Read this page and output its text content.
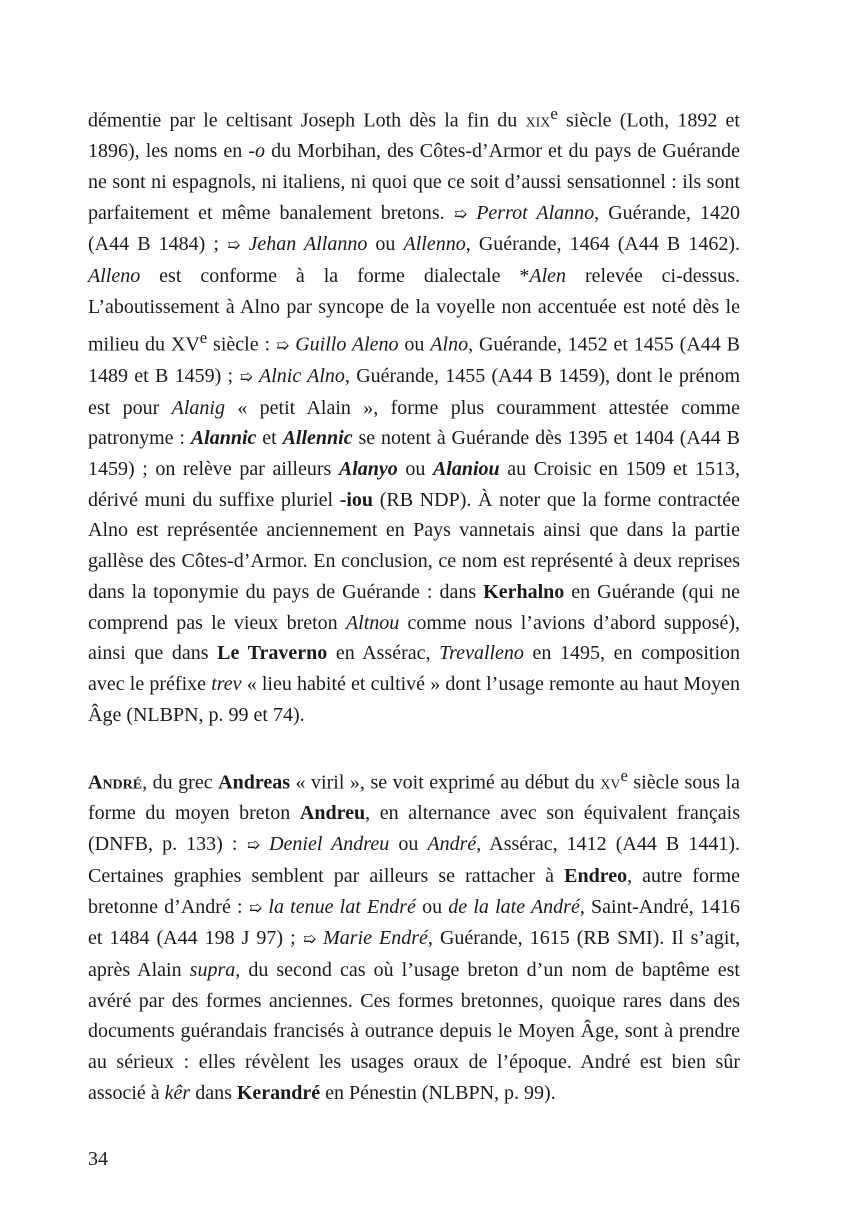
démentie par le celtisant Joseph Loth dès la fin du xix$^e$ siècle (Loth, 1892 et 1896), les noms en -o du Morbihan, des Côtes-d’Armor et du pays de Guérande ne sont ni espagnols, ni italiens, ni quoi que ce soit d’aussi sensationnel : ils sont parfaitement et même banalement bretons. ➯ Perrot Alanno, Guérande, 1420 (A44 B 1484) ; ➯ Jehan Allanno ou Allenno, Guérande, 1464 (A44 B 1462). Alleno est conforme à la forme dialectale *Alen relevée ci-dessus. L’aboutissement à Alno par syncope de la voyelle non accentuée est noté dès le milieu du XVe siècle : ➯ Guillo Aleno ou Alno, Guérande, 1452 et 1455 (A44 B 1489 et B 1459) ; ➯ Alnic Alno, Guérande, 1455 (A44 B 1459), dont le prénom est pour Alanig « petit Alain », forme plus couramment attestée comme patronyme : Alannic et Allennic se notent à Guérande dès 1395 et 1404 (A44 B 1459) ; on relève par ailleurs Alanyo ou Alaniou au Croisic en 1509 et 1513, dérivé muni du suffixe pluriel -iou (RB NDP). À noter que la forme contractée Alno est représentée anciennement en Pays vannetais ainsi que dans la partie gallèse des Côtes-d’Armor. En conclusion, ce nom est représenté à deux reprises dans la toponymie du pays de Guérande : dans Kerhalno en Guérande (qui ne comprend pas le vieux breton Altnou comme nous l’avions d’abord supposé), ainsi que dans Le Traverno en Assérac, Trevalleno en 1495, en composition avec le préfixe trev « lieu habité et cultivé » dont l’usage remonte au haut Moyen Âge (NLBPN, p. 99 et 74).

André, du grec Andreas « viril », se voit exprimé au début du $xv^e$ siècle sous la forme du moyen breton Andreu, en alternance avec son équivalent français (DNFB, p. 133) : ➯ Deniel Andreu ou André, Assérac, 1412 (A44 B 1441). Certaines graphies semblent par ailleurs se rattacher à Endreo, autre forme bretonne d’André : ➯ la tenue lat Endré ou de la late André, Saint-André, 1416 et 1484 (A44 198 J 97) ; ➯ Marie Endré, Guérande, 1615 (RB SMI). Il s’agit, après Alain supra, du second cas où l’usage breton d’un nom de baptême est avéré par des formes anciennes. Ces formes bretonnes, quoique rares dans des documents guérandais francisés à outrance depuis le Moyen Âge, sont à prendre au sérieux : elles révèlent les usages oraux de l’époque. André est bien sûr associé à kêr dans Kerandré en Pénestin (NLBPN, p. 99).

34
